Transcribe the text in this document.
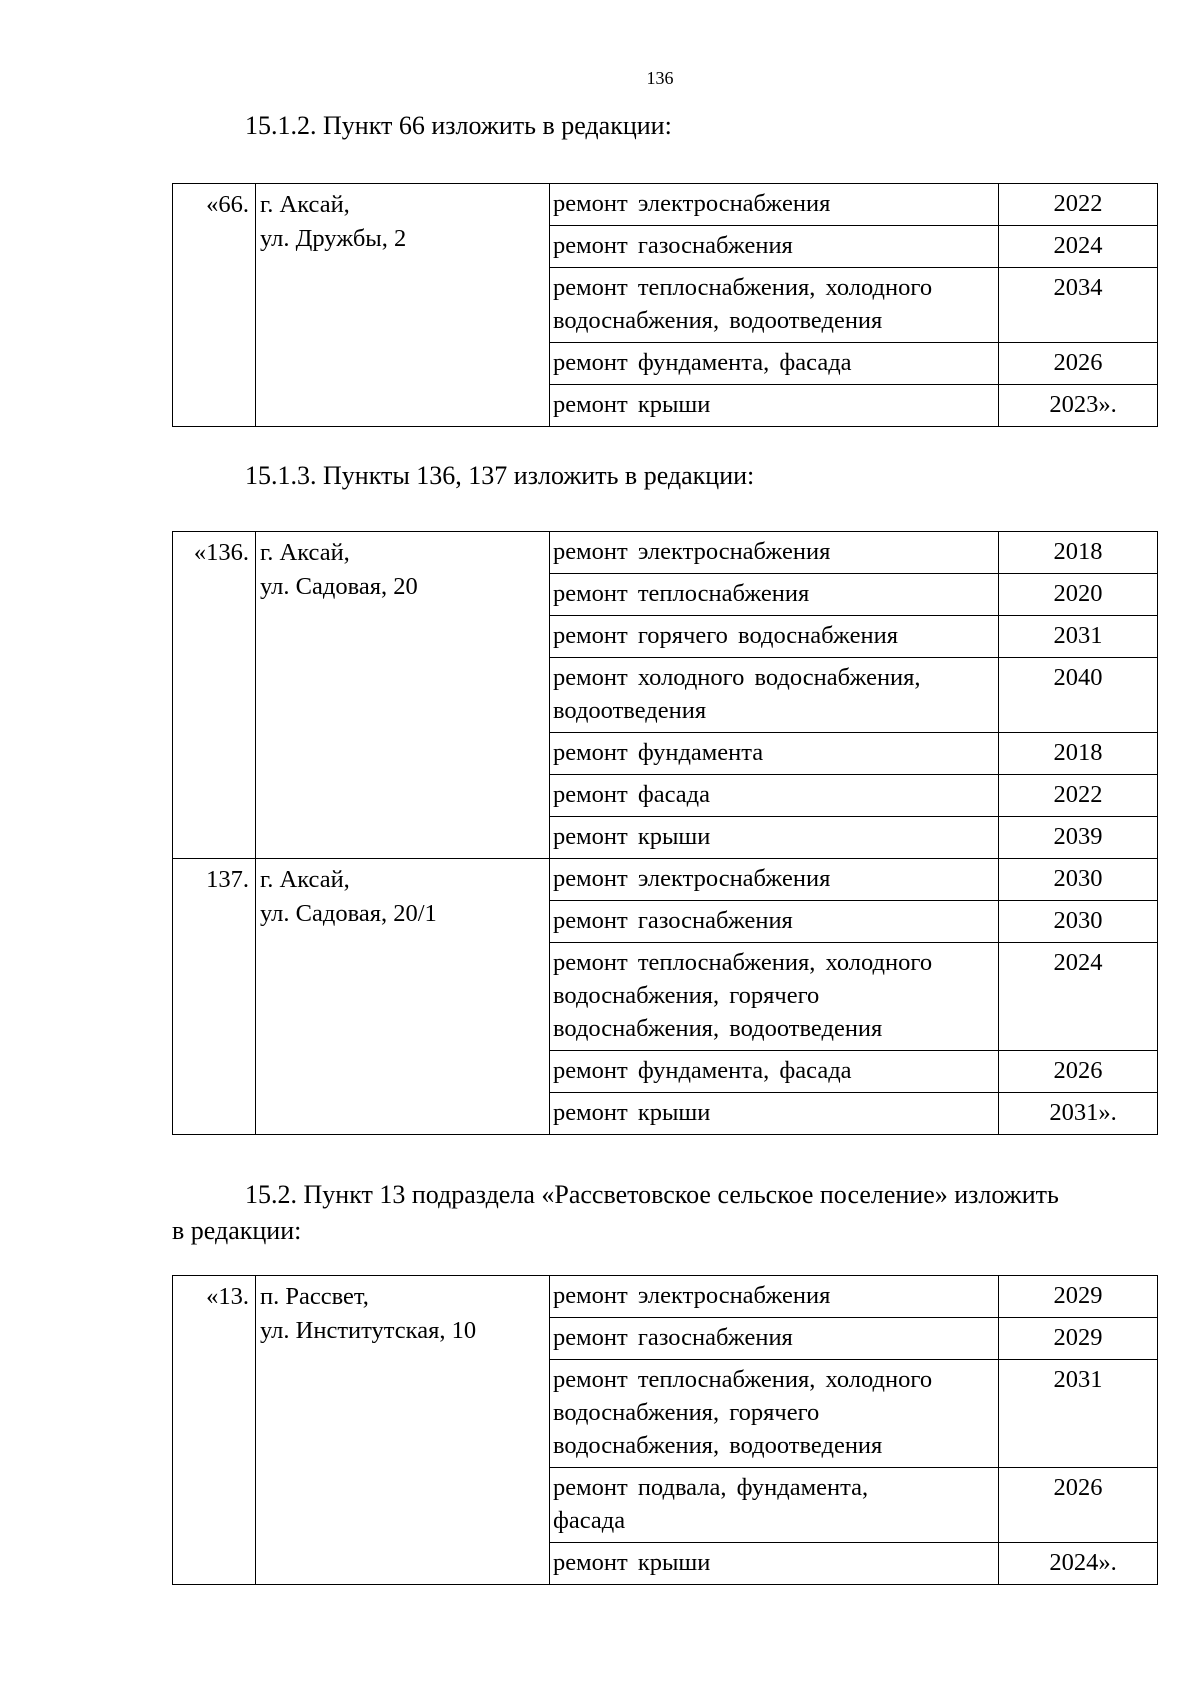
136
15.1.2. Пункт 66 изложить в редакции:
«66.	г. Аксай,
ул. Дружбы, 2	ремонт электроснабжения	2022

		ремонт газоснабжения	2024

		ремонт теплоснабжения, холодного
водоснабжения, водоотведения	2034

		ремонт фундамента, фасада	2026

		ремонт крыши	2023».
15.1.3. Пункты 136, 137 изложить в редакции:
«136.	г. Аксай,
ул. Садовая, 20	ремонт электроснабжения	2018

		ремонт теплоснабжения	2020

		ремонт горячего водоснабжения	2031

		ремонт холодного водоснабжения,
водоотведения	2040

		ремонт фундамента	2018

		ремонт фасада	2022

		ремонт крыши	2039
137.	г. Аксай,
ул. Садовая, 20/1	ремонт электроснабжения	2030

		ремонт газоснабжения	2030

		ремонт теплоснабжения, холодного
водоснабжения, горячего
водоснабжения, водоотведения	2024

		ремонт фундамента, фасада	2026

		ремонт крыши	2031».
15.2. Пункт 13 подраздела «Рассветовское сельское поселение» изложить
в редакции:
«13.	п. Рассвет,
ул. Институтская, 10	ремонт электроснабжения	2029

		ремонт газоснабжения	2029

		ремонт теплоснабжения, холодного
водоснабжения, горячего
водоснабжения, водоотведения	2031

		ремонт подвала, фундамента,
фасада	2026

		ремонт крыши	2024».
